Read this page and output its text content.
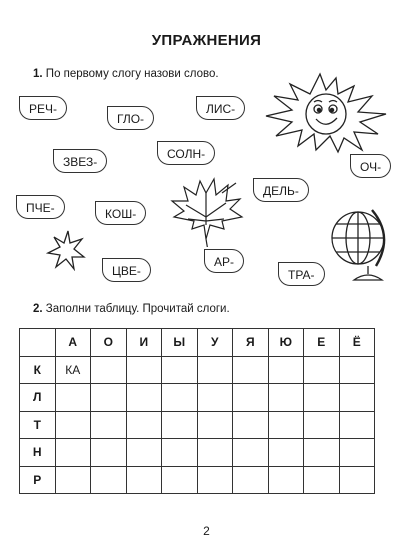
УПРАЖНЕНИЯ
1. По первому слогу назови слово.
РЕЧ-
ГЛО-
ЛИС-
ЗВЕЗ-
СОЛН-
ОЧ-
ДЕЛЬ-
ПЧЕ-	КОШ-
ЦВЕ-
АР-
ТРА-
2. Заполни таблицу. Прочитай слоги.
	А	О	И	Ы	У	Я	Ю	Е	Ё
К	КА								
Л									
Т									
Н									
Р									
2
